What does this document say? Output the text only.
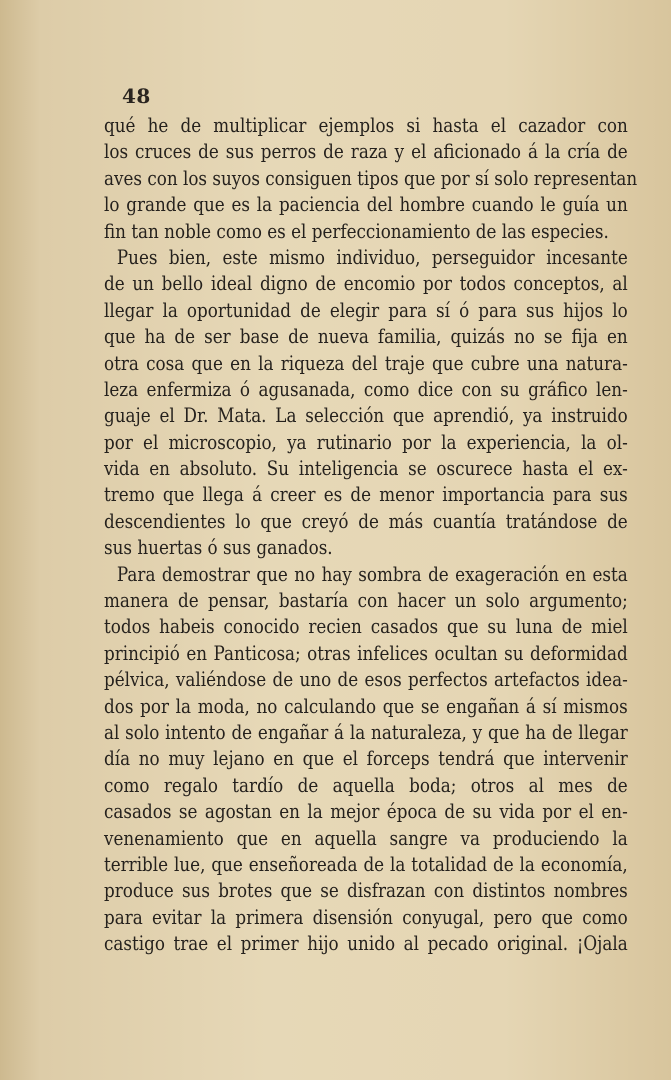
48
qué he de multiplicar ejemplos si hasta el cazador con
los cruces de sus perros de raza y el aficionado á la cría de
aves con los suyos consiguen tipos que por sí solo representan
lo grande que es la paciencia del hombre cuando le guía un
fin tan noble como es el perfeccionamiento de las especies.
Pues bien, este mismo individuo, perseguidor incesante
de un bello ideal digno de encomio por todos conceptos, al
llegar la oportunidad de elegir para sí ó para sus hijos lo
que ha de ser base de nueva familia, quizás no se fija en
otra cosa que en la riqueza del traje que cubre una natura-
leza enfermiza ó agusanada, como dice con su gráfico len-
guaje el Dr. Mata. La selección que aprendió, ya instruido
por el microscopio, ya rutinario por la experiencia, la ol-
vida en absoluto. Su inteligencia se oscurece hasta el ex-
tremo que llega á creer es de menor importancia para sus
descendientes lo que creyó de más cuantía tratándose de
sus huertas ó sus ganados.
Para demostrar que no hay sombra de exageración en esta
manera de pensar, bastaría con hacer un solo argumento;
todos habeis conocido recien casados que su luna de miel
principió en Panticosa; otras infelices ocultan su deformidad
pélvica, valiéndose de uno de esos perfectos artefactos idea-
dos por la moda, no calculando que se engañan á sí mismos
al solo intento de engañar á la naturaleza, y que ha de llegar
día no muy lejano en que el forceps tendrá que intervenir
como regalo tardío de aquella boda; otros al mes de
casados se agostan en la mejor época de su vida por el en-
venenamiento que en aquella sangre va produciendo la
terrible lue, que enseñoreada de la totalidad de la economía,
produce sus brotes que se disfrazan con distintos nombres
para evitar la primera disensión conyugal, pero que como
castigo trae el primer hijo unido al pecado original. ¡Ojala
